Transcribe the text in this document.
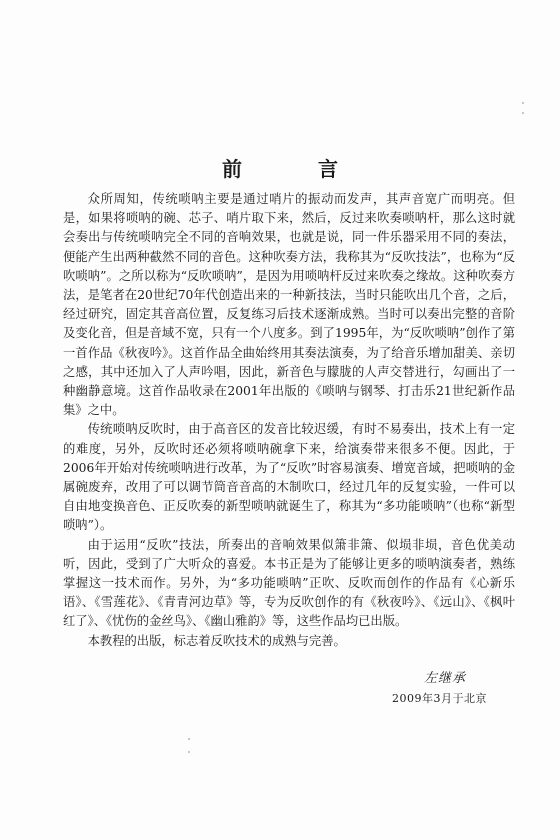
前　言

众所周知，传统唢呐主要是通过哨片的振动而发声，其声音宽广而明亮。但是，如果将唢呐的碗、芯子、哨片取下来，然后，反过来吹奏唢呐杆，那么这时就会奏出与传统唢呐完全不同的音响效果，也就是说，同一件乐器采用不同的奏法，便能产生出两种截然不同的音色。这种吹奏方法，我称其为“反吹技法”，也称为“反吹唢呐”。之所以称为“反吹唢呐”，是因为用唢呐杆反过来吹奏之缘故。这种吹奏方法，是笔者在20世纪70年代创造出来的一种新技法，当时只能吹出几个音，之后，经过研究，固定其音高位置，反复练习后技术逐渐成熟。当时可以奏出完整的音阶及变化音，但是音域不宽，只有一个八度多。到了1995年，为“反吹唢呐”创作了第一首作品《秋夜吟》。这首作品全曲始终用其奏法演奏，为了给音乐增加甜美、亲切之感，其中还加入了人声吟唱，因此，新音色与朦胧的人声交替进行，勾画出了一种幽静意境。这首作品收录在2001年出版的《唢呐与钢琴、打击乐21世纪新作品集》之中。

传统唢呐反吹时，由于高音区的发音比较迟缓，有时不易奏出，技术上有一定的难度，另外，反吹时还必须将唢呐碗拿下来，给演奏带来很多不便。因此，于2006年开始对传统唢呐进行改革，为了“反吹”时容易演奏、增宽音域，把唢呐的金属碗废弃，改用了可以调节筒音音高的木制吹口，经过几年的反复实验，一件可以自由地变换音色、正反吹奏的新型唢呐就诞生了，称其为“多功能唢呐”（也称“新型唢呐”）。

由于运用“反吹”技法，所奏出的音响效果似箫非箫、似埙非埙，音色优美动听，因此，受到了广大听众的喜爱。本书正是为了能够让更多的唢呐演奏者，熟练掌握这一技术而作。另外，为“多功能唢呐”正吹、反吹而创作的作品有《心新乐语》、《雪莲花》、《青青河边草》等，专为反吹创作的有《秋夜吟》、《远山》、《枫叶红了》、《忧伤的金丝鸟》、《幽山雅韵》等，这些作品均已出版。

本教程的出版，标志着反吹技术的成熟与完善。

左继承
2009年3月于北京
